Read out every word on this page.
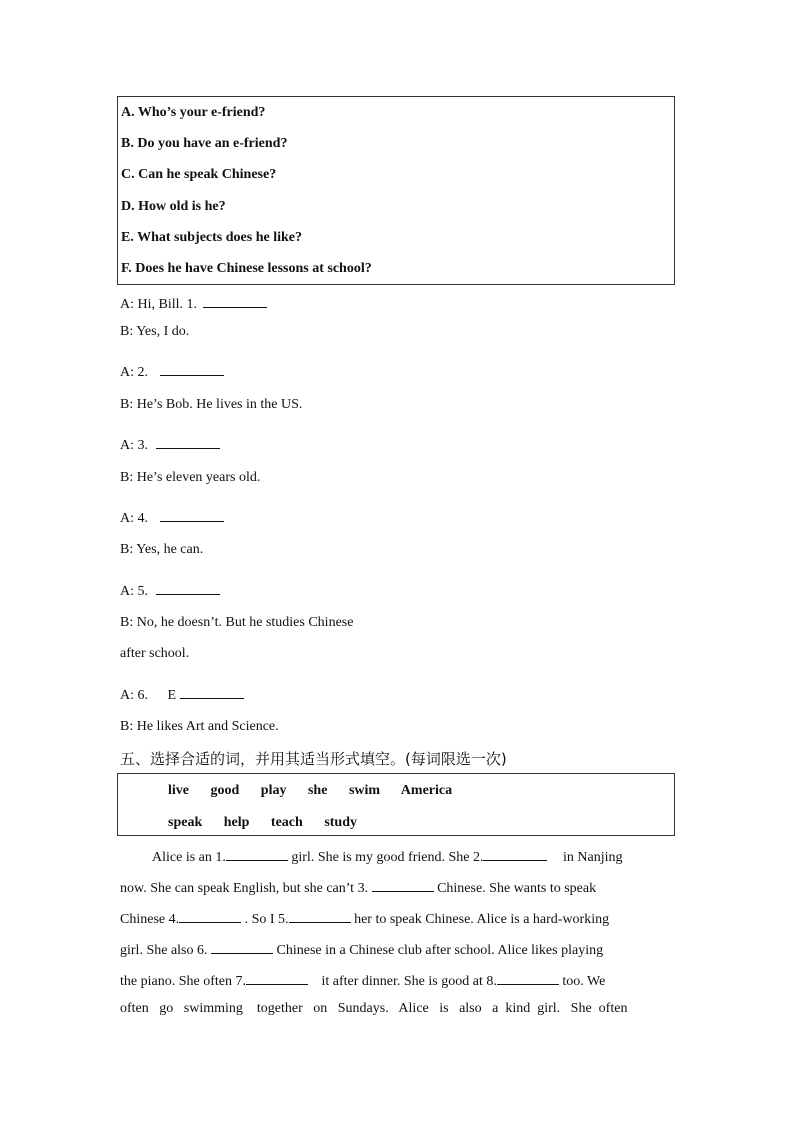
A. Who’s your e-friend?
B. Do you have an e-friend?
C. Can he speak Chinese?
D. How old is he?
E. What subjects does he like?
F. Does he have Chinese lessons at school?
A: Hi, Bill. 1.
B: Yes, I do.
A: 2.
B: He’s Bob. He lives in the US.
A: 3.
B: He’s eleven years old.
A: 4.
B: Yes, he can.
A: 5.
B: No, he doesn’t. But he studies Chinese
after school.
A: 6. E
B: He likes Art and Science.
五、选择合适的词，并用其适当形式填空。(每词限选一次)
live good play she swim America
speak help teach study
Alice is an 1.	girl. She is my good friend. She 2.	in Nanjing
now. She can speak English, but she can’t 3.	Chinese. She wants to speak
Chinese 4.	. So I 5.	her to speak Chinese. Alice is a hard-working
girl. She also 6.	Chinese in a Chinese club after school. Alice likes playing
the piano. She often 7.	it after dinner. She is good at 8.	too. We
often   go   swimming    together   on   Sundays.   Alice   is   also   a  kind  girl.   She  often
